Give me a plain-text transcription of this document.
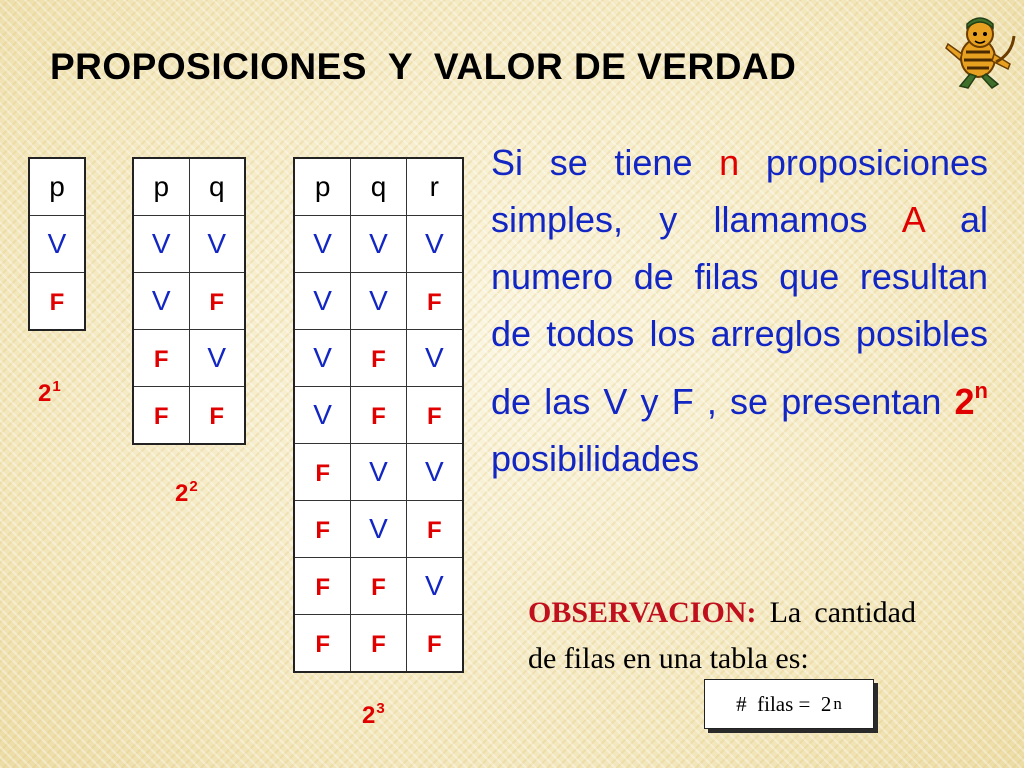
PROPOSICIONES  Y  VALOR DE VERDAD
p
V
F
$2^1$
p	q
V	V
V	F
F	V
F	F
$2^2$
p	q	r
V	V	V
V	V	F
V	F	V
V	F	F
F	V	V
F	V	F
F	F	V
F	F	F
$2^3$
Si se tiene n proposiciones simples, y llamamos A al numero de filas que resultan de todos los arreglos posibles de las V y F , se presentan 2$^n$ posibilidades
OBSERVACION: La cantidad de filas en una tabla es:
#  filas =  2 n
